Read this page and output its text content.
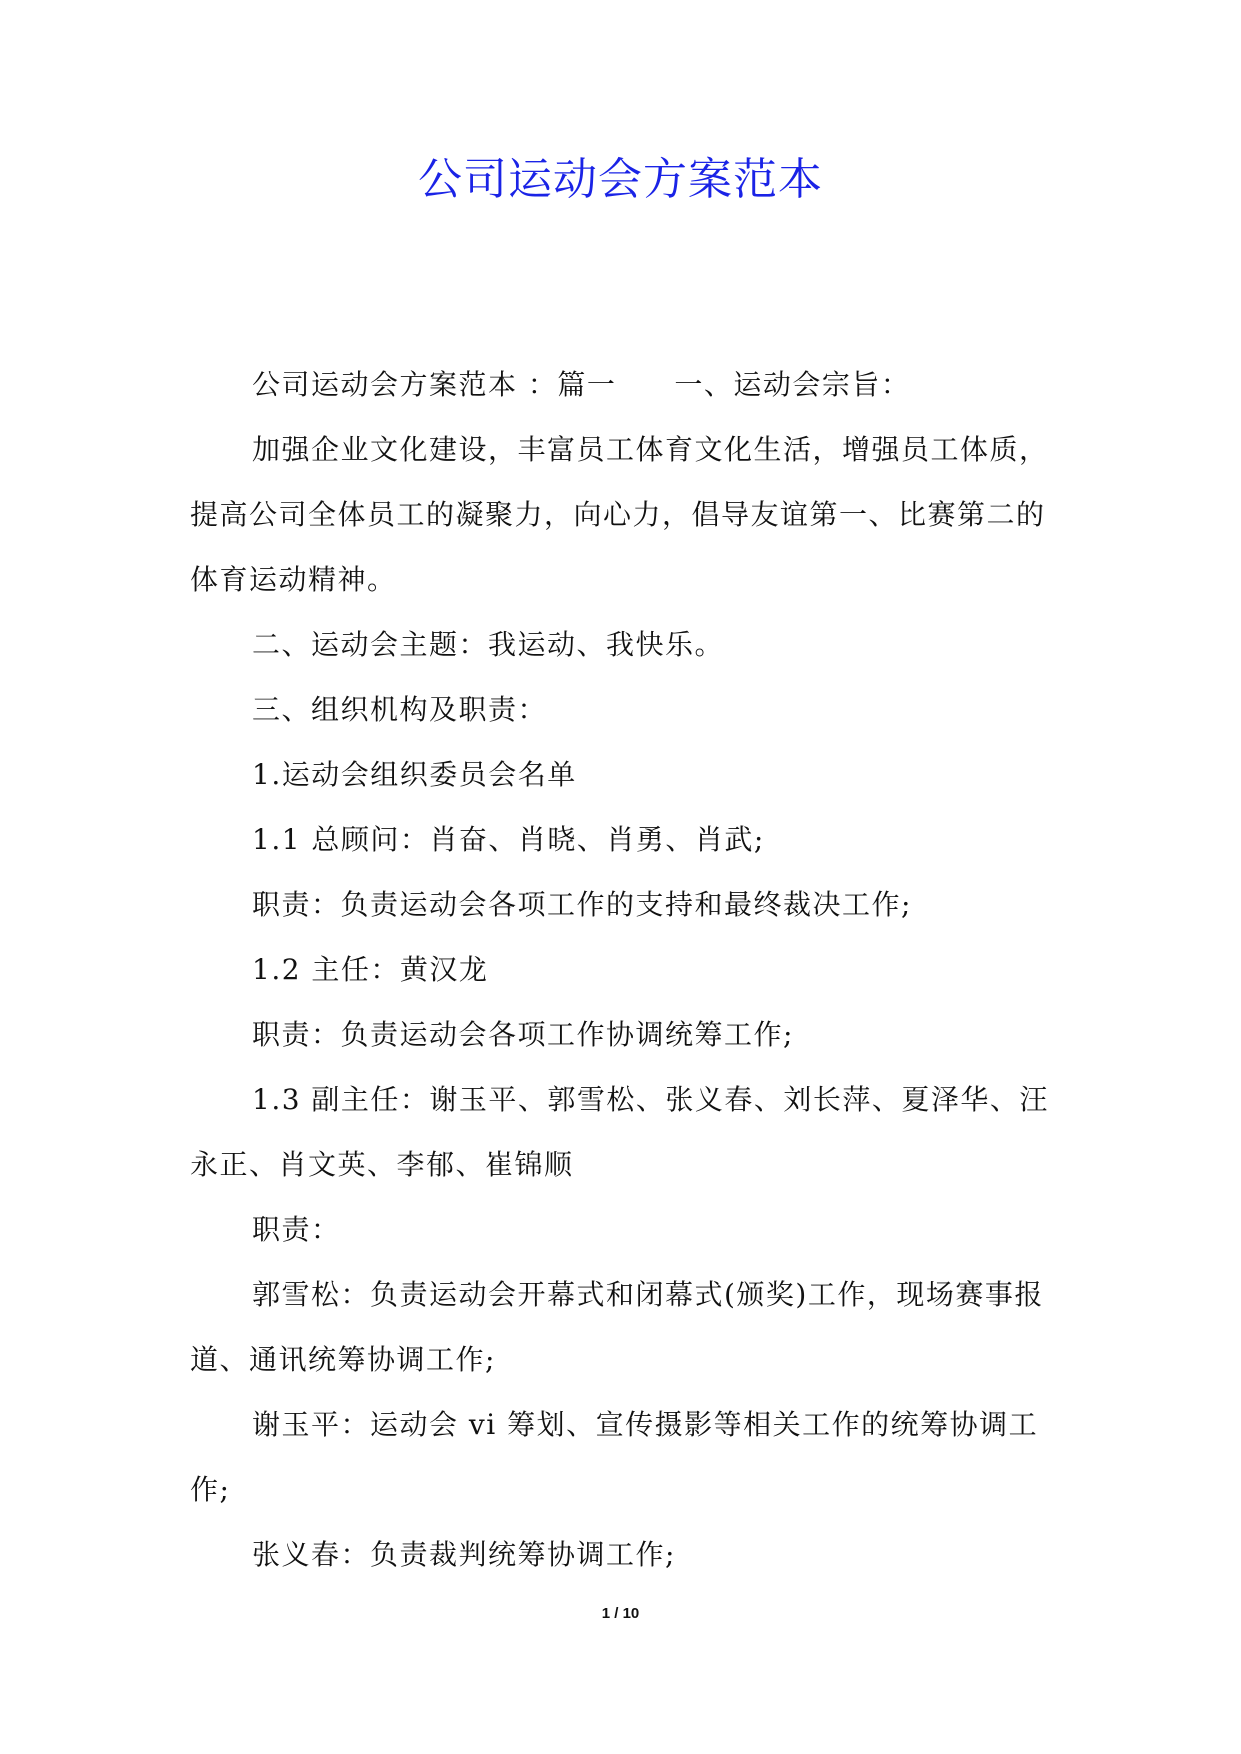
公司运动会方案范本

公司运动会方案范本 ：篇一 一、运动会宗旨：

加强企业文化建设，丰富员工体育文化生活，增强员工体质，提高公司全体员工的凝聚力，向心力，倡导友谊第一、比赛第二的体育运动精神。

二、运动会主题：我运动、我快乐。

三、组织机构及职责：

1.运动会组织委员会名单

1.1 总顾问：肖奋、肖晓、肖勇、肖武;

职责：负责运动会各项工作的支持和最终裁决工作;

1.2 主任：黄汉龙

职责：负责运动会各项工作协调统筹工作;

1.3 副主任：谢玉平、郭雪松、张义春、刘长萍、夏泽华、汪永正、肖文英、李郁、崔锦顺

职责：

郭雪松：负责运动会开幕式和闭幕式(颁奖)工作，现场赛事报道、通讯统筹协调工作;

谢玉平：运动会 vi 筹划、宣传摄影等相关工作的统筹协调工作;

张义春：负责裁判统筹协调工作;

1 / 10
